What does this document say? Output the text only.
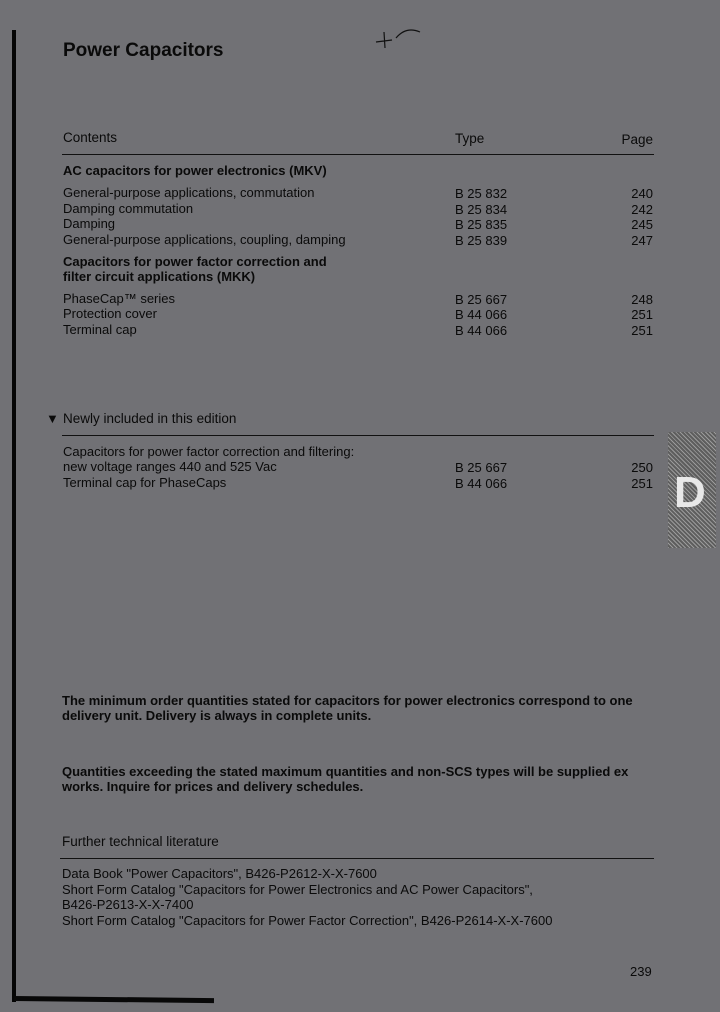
Power Capacitors
Contents	Type	Page
AC capacitors for power electronics (MKV)
General-purpose applications, commutation	B 25 832	240
Damping commutation	B 25 834	242
Damping	B 25 835	245
General-purpose applications, coupling, damping	B 25 839	247
Capacitors for power factor correction and
filter circuit applications (MKK)
PhaseCap™ series	B 25 667	248
Protection cover	B 44 066	251
Terminal cap	B 44 066	251
▼ Newly included in this edition
Capacitors for power factor correction and filtering:
new voltage ranges 440 and 525 Vac	B 25 667	250
Terminal cap for PhaseCaps	B 44 066	251 D
The minimum order quantities stated for capacitors for power electronics correspond to one
delivery unit. Delivery is always in complete units.
Quantities exceeding the stated maximum quantities and non-SCS types will be supplied ex
works. Inquire for prices and delivery schedules.
Further technical literature
Data Book "Power Capacitors", B426-P2612-X-X-7600
Short Form Catalog "Capacitors for Power Electronics and AC Power Capacitors",
B426-P2613-X-X-7400
Short Form Catalog "Capacitors for Power Factor Correction", B426-P2614-X-X-7600
239
